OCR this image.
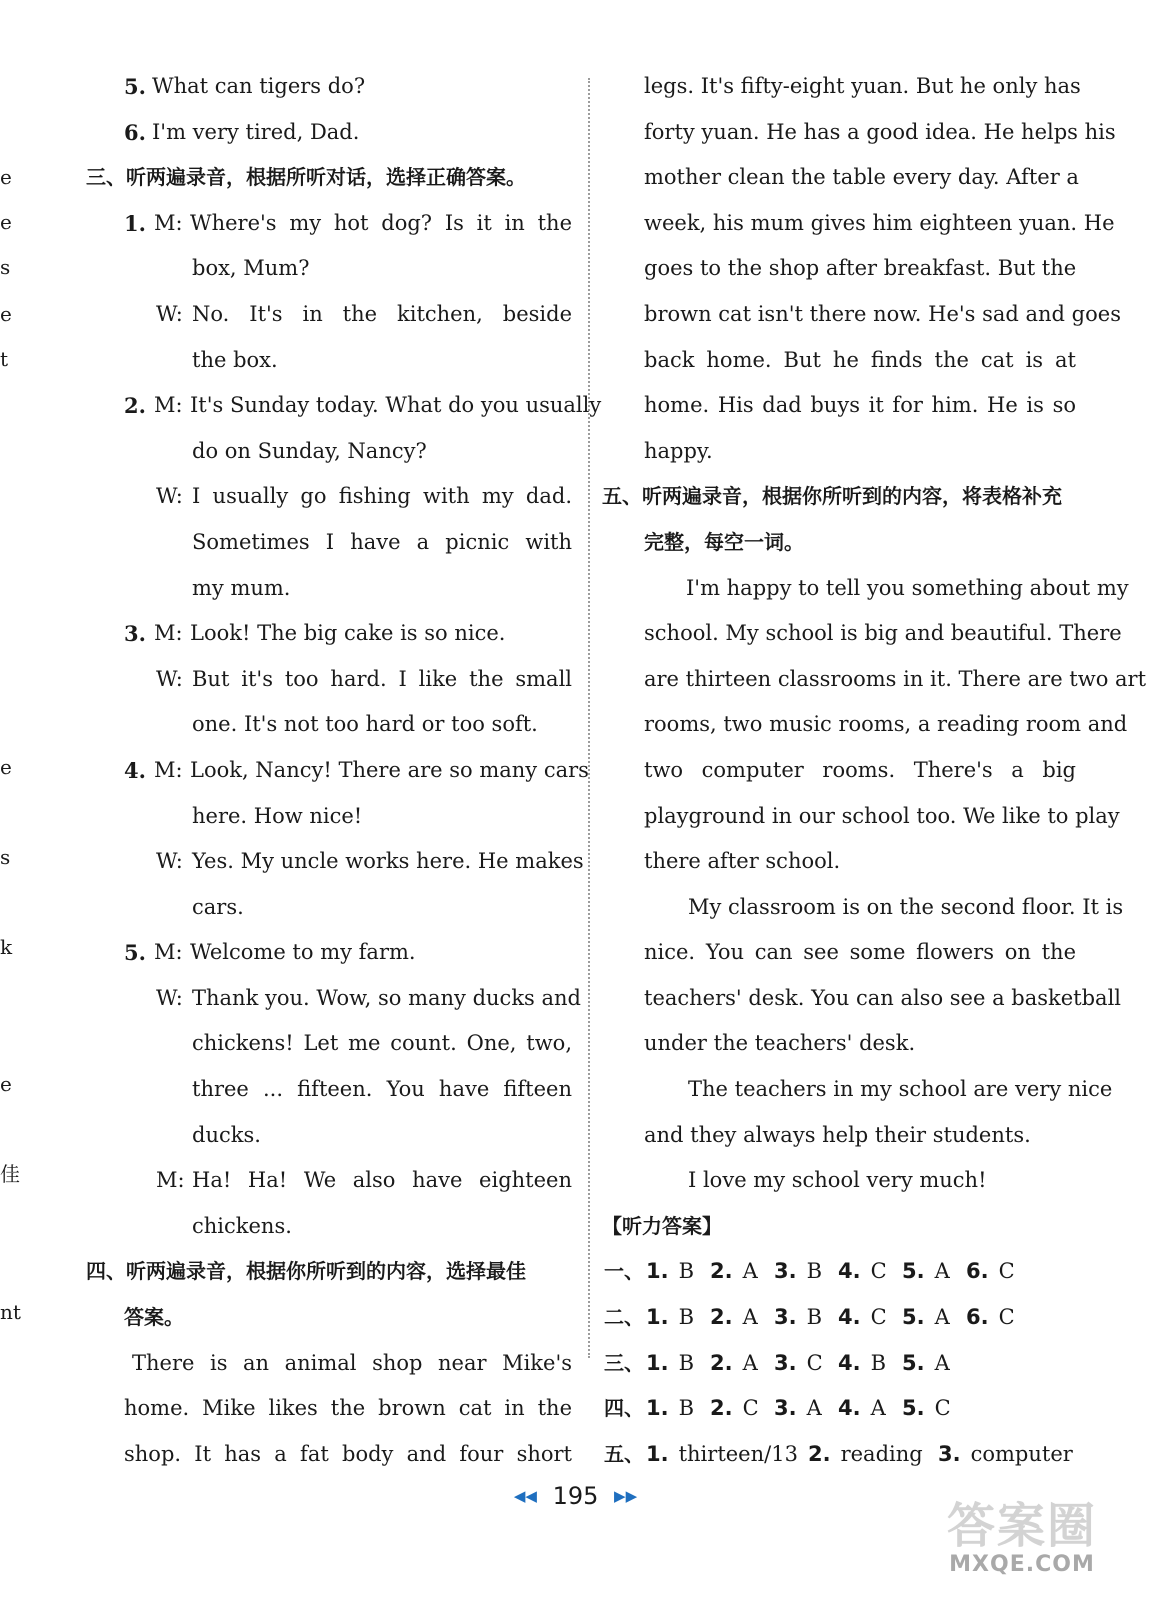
e
e
s
e
t
e
s
k
e
佳
nt
5. What can tigers do?
6. I'm very tired, Dad.
三、听两遍录音，根据所听对话，选择正确答案。
1. M: Where's my hot dog? Is it in the
box, Mum?
W: No. It's in the kitchen, beside
the box.
2. M: It's Sunday today. What do you usually
do on Sunday, Nancy?
W: I usually go fishing with my dad.
Sometimes I have a picnic with
my mum.
3. M: Look! The big cake is so nice.
W: But it's too hard. I like the small
one. It's not too hard or too soft.
4. M: Look, Nancy! There are so many cars
here. How nice!
W: Yes. My uncle works here. He makes
cars.
5. M: Welcome to my farm.
W: Thank you. Wow, so many ducks and
chickens! Let me count. One, two,
three ... fifteen. You have fifteen
ducks.
M: Ha! Ha! We also have eighteen
chickens.
四、听两遍录音，根据你所听到的内容，选择最佳
答案。
There is an animal shop near Mike's
home. Mike likes the brown cat in the
shop. It has a fat body and four short
legs. It's fifty-eight yuan. But he only has
forty yuan. He has a good idea. He helps his
mother clean the table every day. After a
week, his mum gives him eighteen yuan. He
goes to the shop after breakfast. But the
brown cat isn't there now. He's sad and goes
back home. But he finds the cat is at
home. His dad buys it for him. He is so
happy.
五、听两遍录音，根据你所听到的内容，将表格补充
完整，每空一词。
I'm happy to tell you something about my
school. My school is big and beautiful. There
are thirteen classrooms in it. There are two art
rooms, two music rooms, a reading room and
two computer rooms. There's a big
playground in our school too. We like to play
there after school.
My classroom is on the second floor. It is
nice. You can see some flowers on the
teachers' desk. You can also see a basketball
under the teachers' desk.
The teachers in my school are very nice
and they always help their students.
I love my school very much!
【听力答案】
一、 1. B 2. A 3. B 4. C 5. A 6. C
二、 1. B 2. A 3. B 4. C 5. A 6. C
三、 1. B 2. A 3. C 4. B 5. A
四、 1. B 2. C 3. A 4. A 5. C
五、 1. thirteen/13 2. reading 3. computer
◀◀ 195 ▶▶
答案圈
MXQE.COM
